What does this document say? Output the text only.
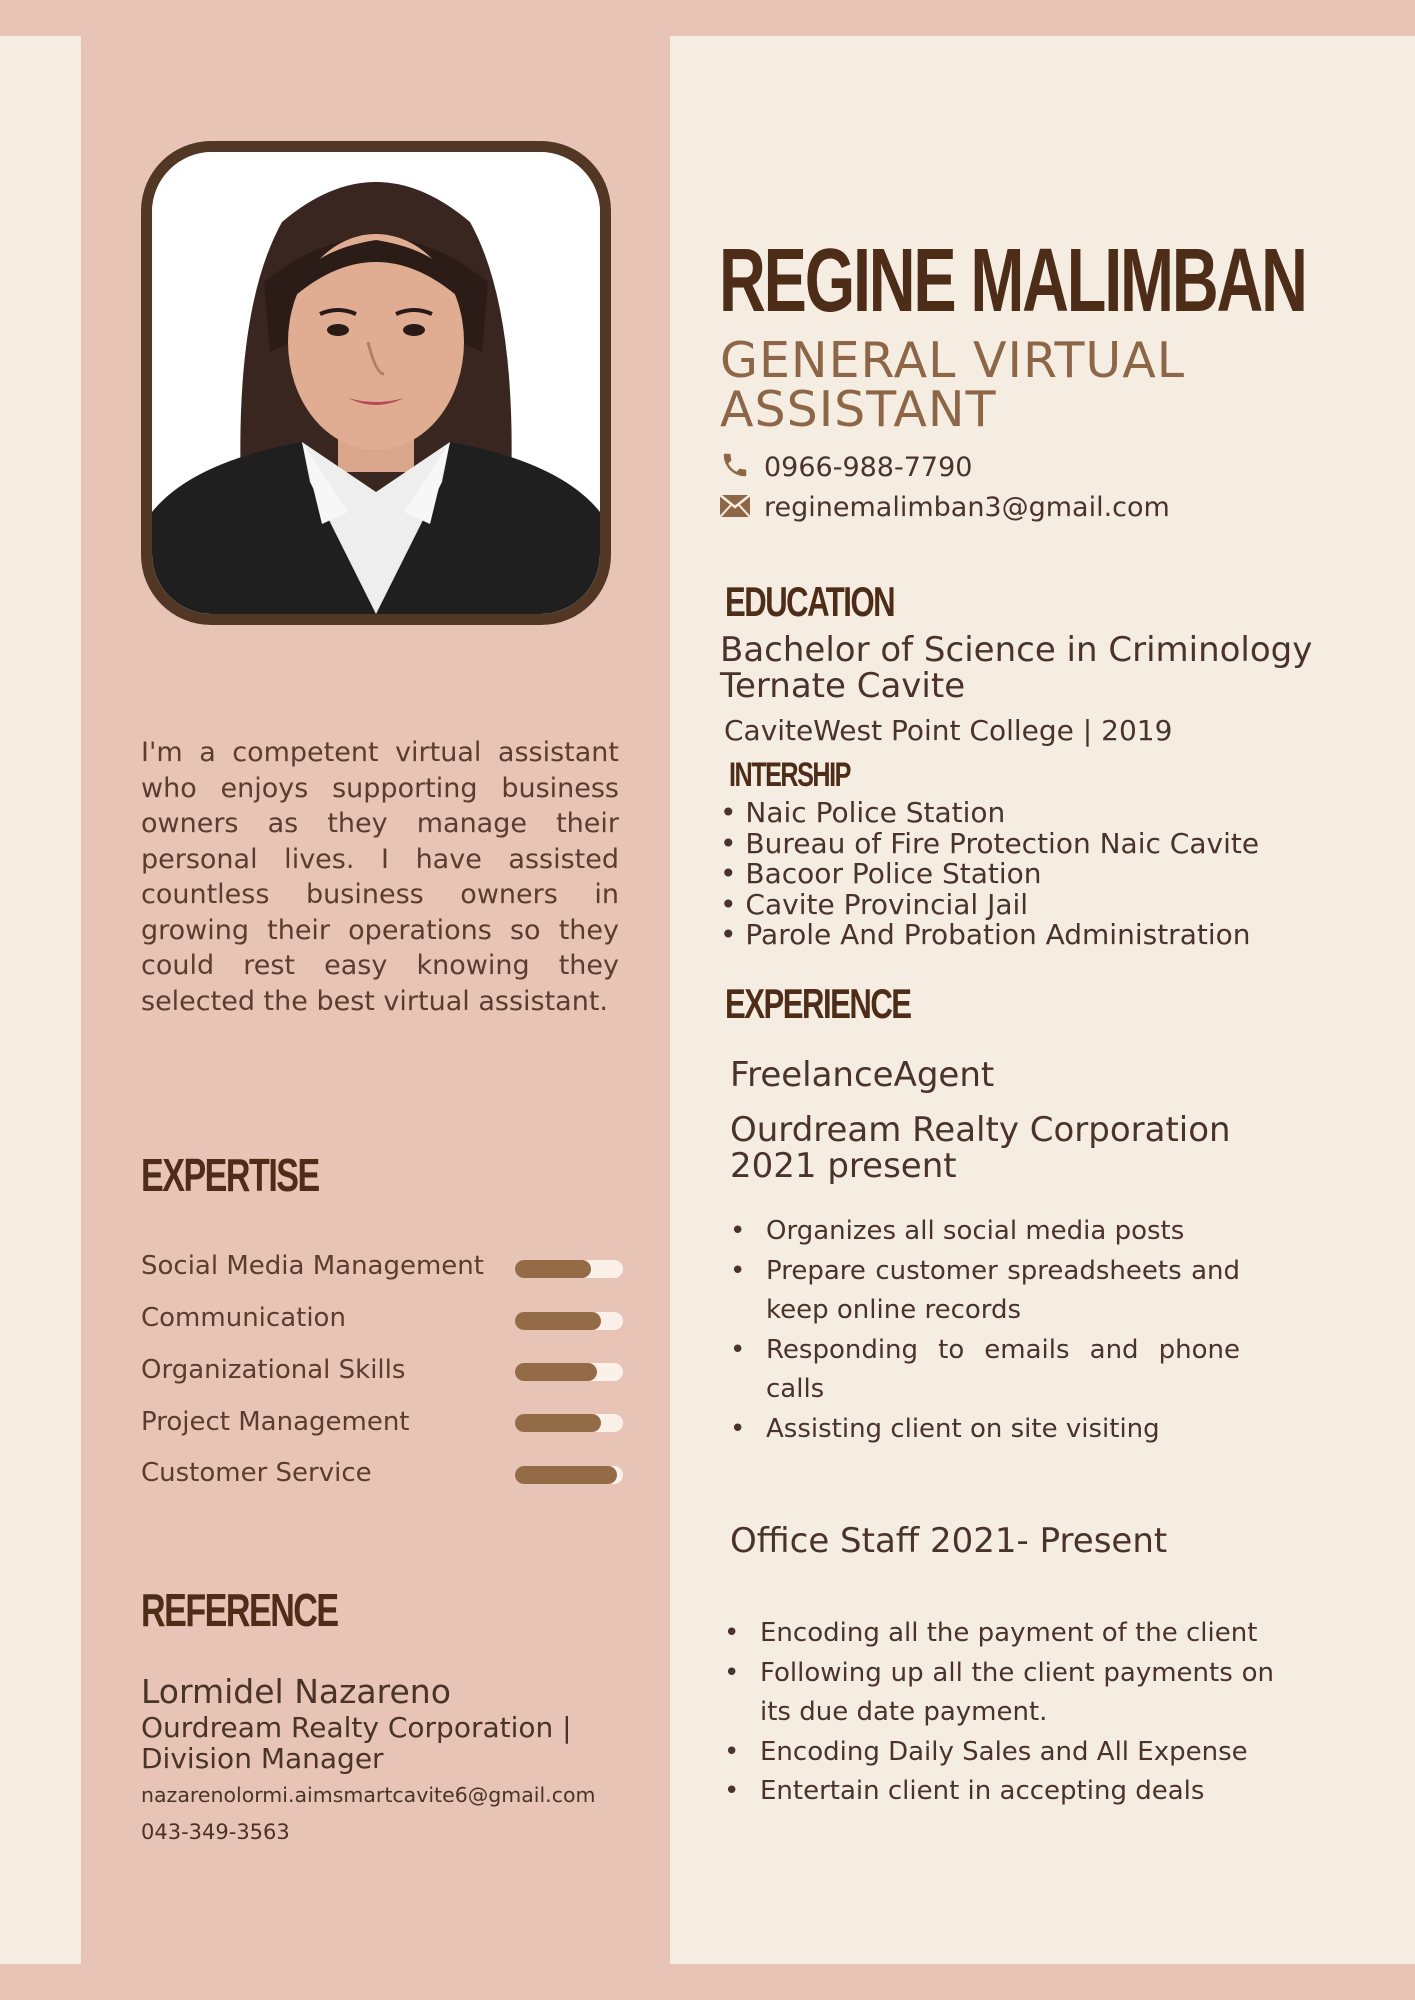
I'm a competent virtual assistant who enjoys supporting business owners as they manage their personal lives. I have assisted countless business owners in growing their operations so they could rest easy knowing they selected the best virtual assistant.
EXPERTISE
Social Media Management
Communication
Organizational Skills
Project Management
Customer Service
REFERENCE
Lormidel Nazareno
Ourdream Realty Corporation | Division Manager
nazarenolormi.aimsmartcavite6@gmail.com
043-349-3563
REGINE MALIMBAN
GENERAL VIRTUAL ASSISTANT
0966-988-7790
reginemalimban3@gmail.com
EDUCATION
Bachelor of Science in Criminology Ternate Cavite
CaviteWest Point College | 2019
INTERSHIP
• Naic Police Station
• Bureau of Fire Protection Naic Cavite
• Bacoor Police Station
• Cavite Provincial Jail
• Parole And Probation Administration
EXPERIENCE
FreelanceAgent
Ourdream Realty Corporation
2021 present
• Organizes all social media posts
• Prepare customer spreadsheets and keep online records
• Responding to emails and phone calls
• Assisting client on site visiting
Office Staff 2021- Present
• Encoding all the payment of the client
• Following up all the client payments on its due date payment.
• Encoding Daily Sales and All Expense
• Entertain client in accepting deals
